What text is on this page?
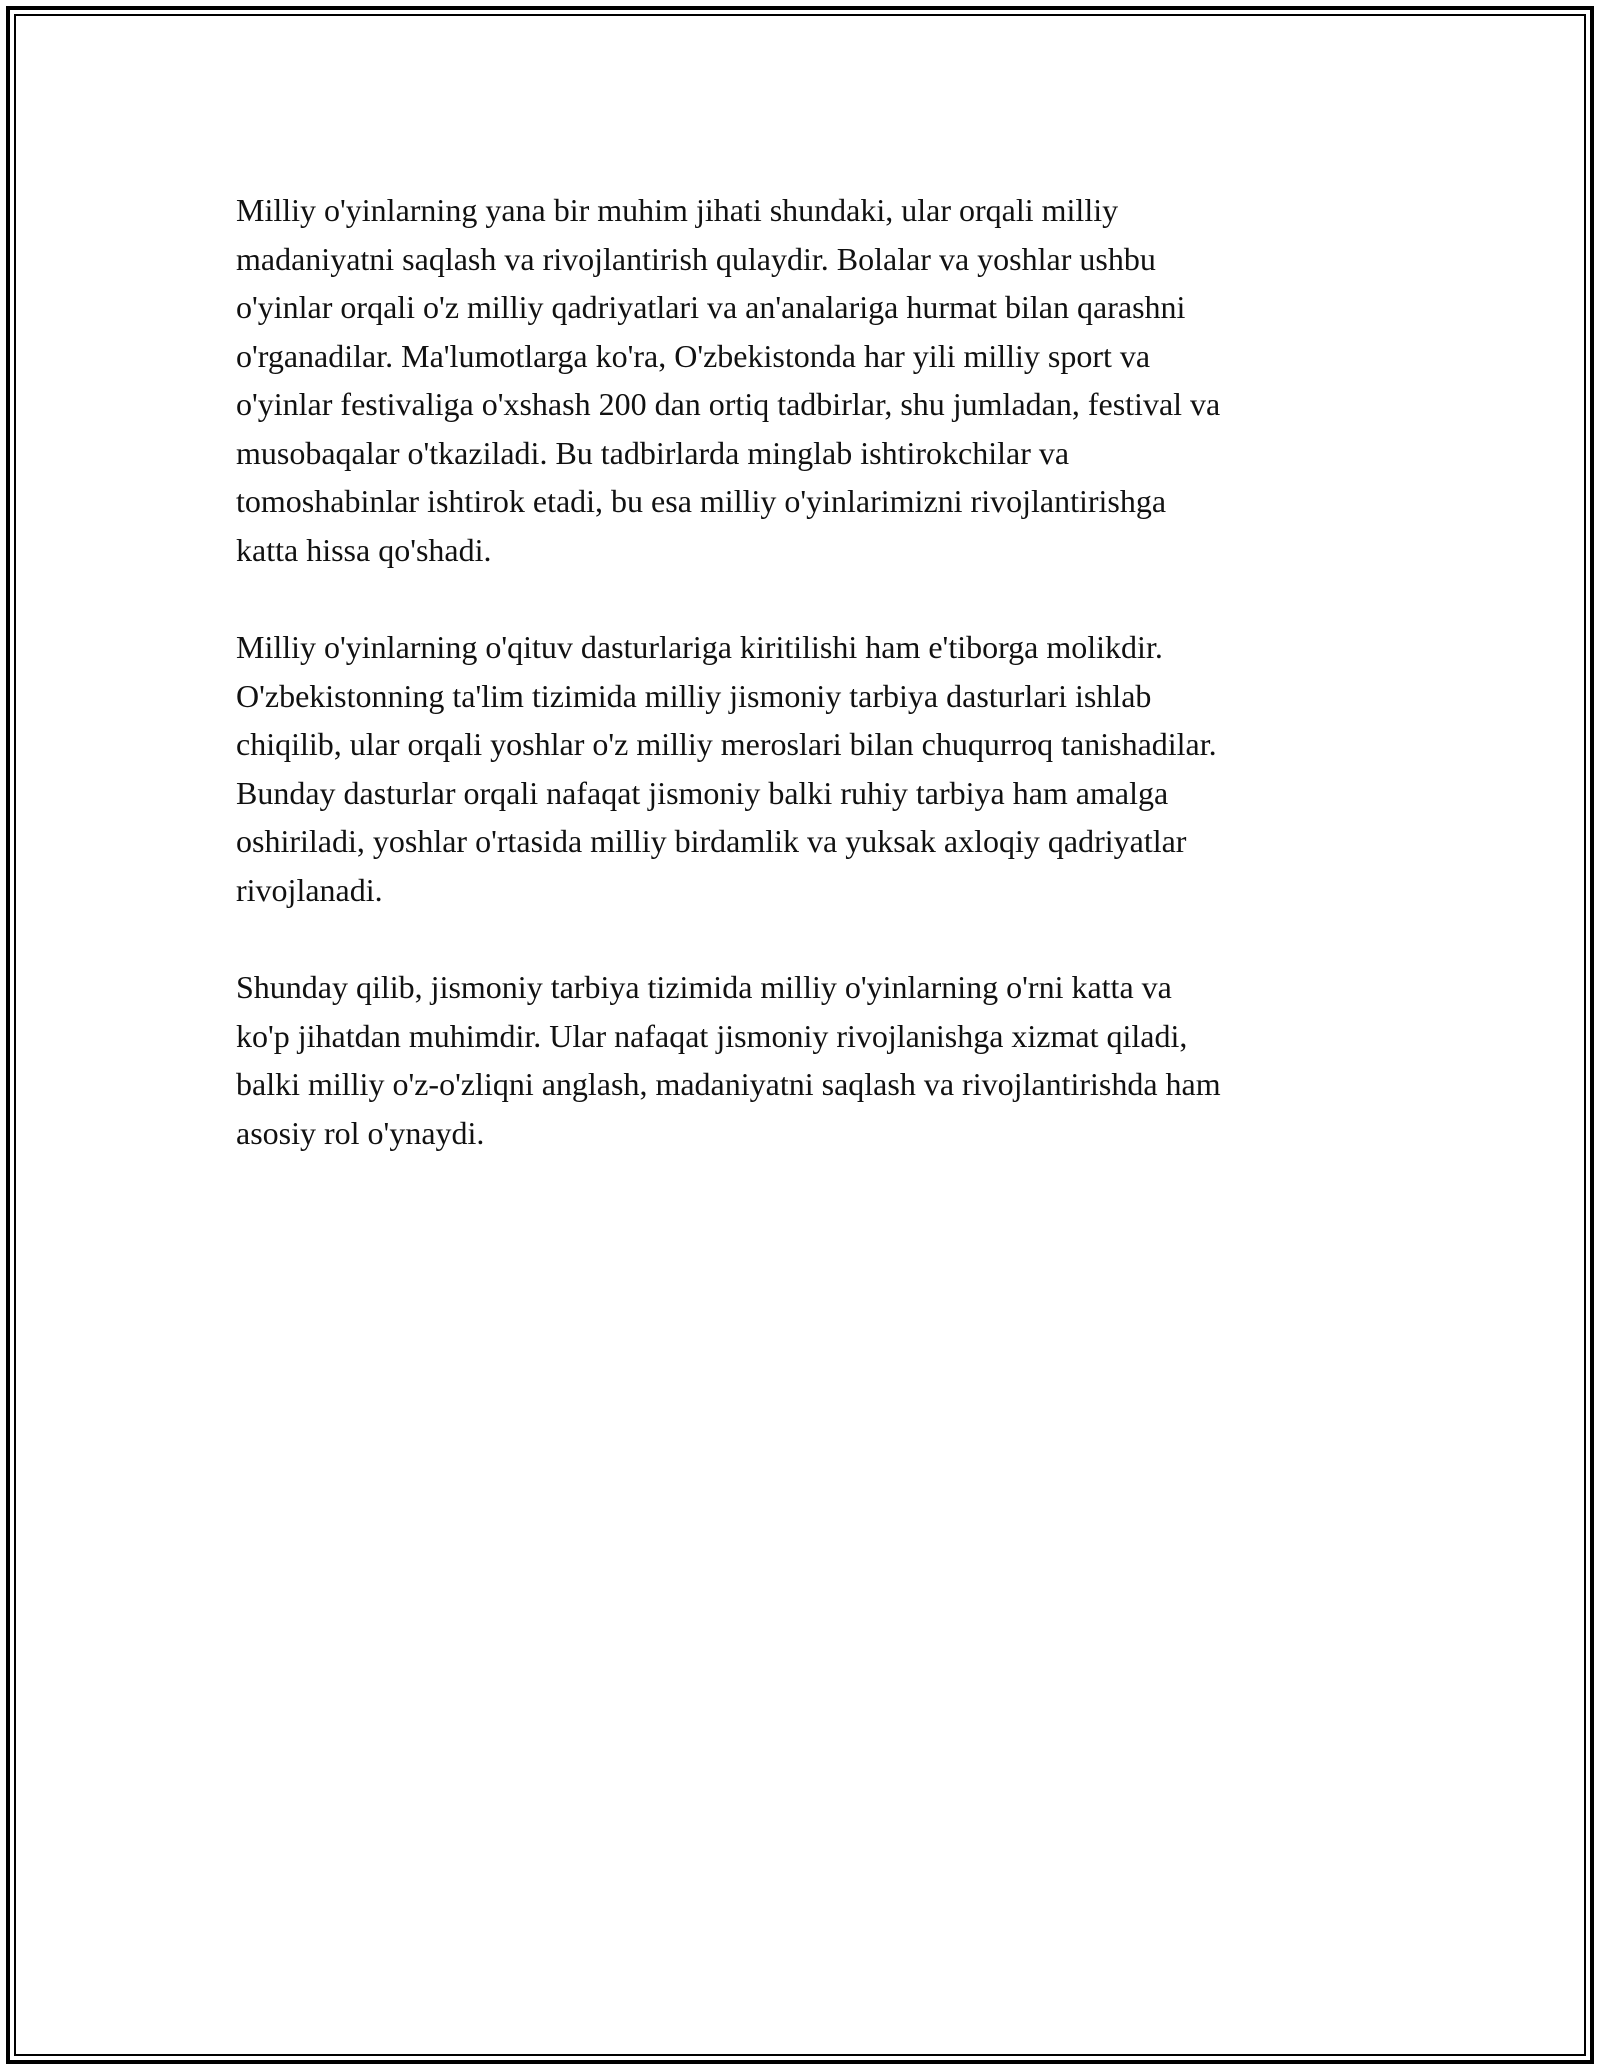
Milliy o'yinlarning yana bir muhim jihati shundaki, ular orqali milliy
madaniyatni saqlash va rivojlantirish qulaydir. Bolalar va yoshlar ushbu
o'yinlar orqali o'z milliy qadriyatlari va an'analariga hurmat bilan qarashni
o'rganadilar. Ma'lumotlarga ko'ra, O'zbekistonda har yili milliy sport va
o'yinlar festivaliga o'xshash 200 dan ortiq tadbirlar, shu jumladan, festival va
musobaqalar o'tkaziladi. Bu tadbirlarda minglab ishtirokchilar va
tomoshabinlar ishtirok etadi, bu esa milliy o'yinlarimizni rivojlantirishga
katta hissa qo'shadi.

Milliy o'yinlarning o'qituv dasturlariga kiritilishi ham e'tiborga molikdir.
O'zbekistonning ta'lim tizimida milliy jismoniy tarbiya dasturlari ishlab
chiqilib, ular orqali yoshlar o'z milliy meroslari bilan chuqurroq tanishadilar.
Bunday dasturlar orqali nafaqat jismoniy balki ruhiy tarbiya ham amalga
oshiriladi, yoshlar o'rtasida milliy birdamlik va yuksak axloqiy qadriyatlar
rivojlanadi.

Shunday qilib, jismoniy tarbiya tizimida milliy o'yinlarning o'rni katta va
ko'p jihatdan muhimdir. Ular nafaqat jismoniy rivojlanishga xizmat qiladi,
balki milliy o'z-o'zliqni anglash, madaniyatni saqlash va rivojlantirishda ham
asosiy rol o'ynaydi.
